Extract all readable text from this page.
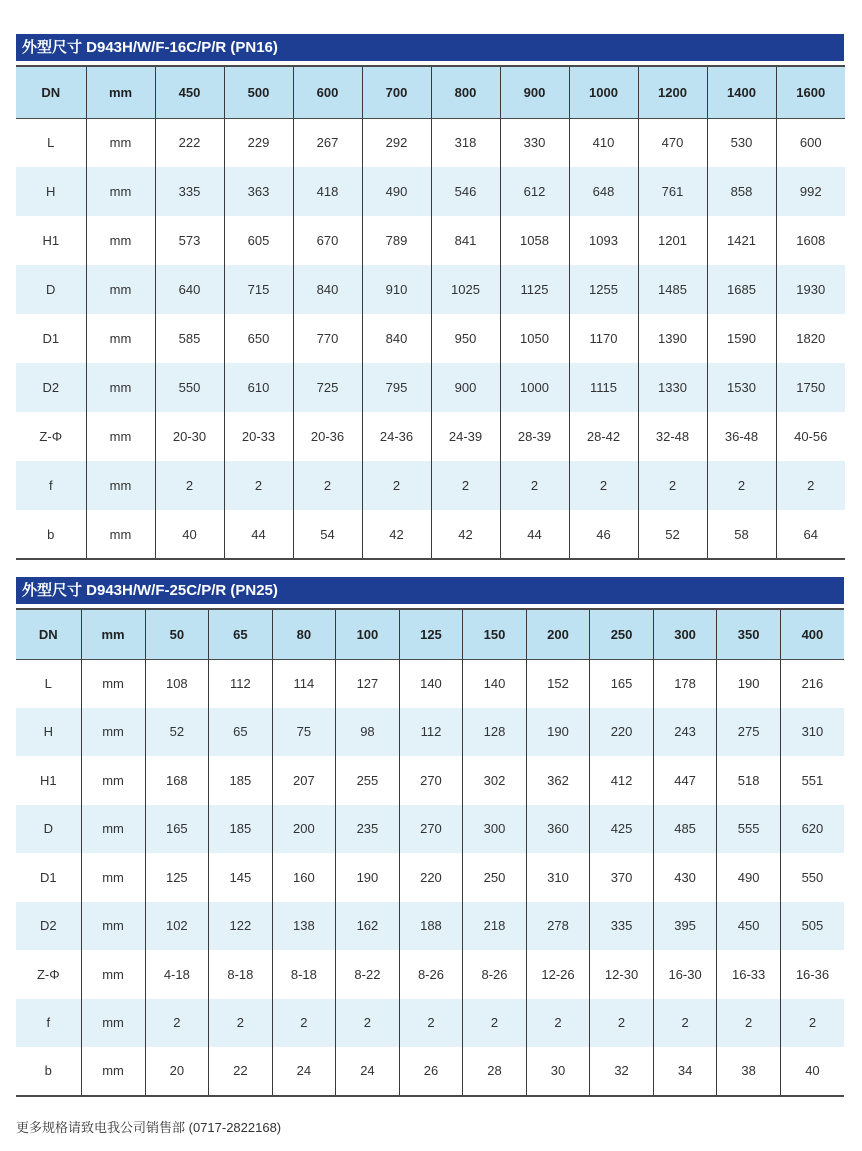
外型尺寸 D943H/W/F-16C/P/R (PN16)
DN	mm	450	500	600	700	800	900	1000	1200	1400	1600
L	mm	222	229	267	292	318	330	410	470	530	600
H	mm	335	363	418	490	546	612	648	761	858	992
H1	mm	573	605	670	789	841	1058	1093	1201	1421	1608
D	mm	640	715	840	910	1025	1125	1255	1485	1685	1930
D1	mm	585	650	770	840	950	1050	1170	1390	1590	1820
D2	mm	550	610	725	795	900	1000	1115	1330	1530	1750
Z-Φ	mm	20-30	20-33	20-36	24-36	24-39	28-39	28-42	32-48	36-48	40-56
f	mm	2	2	2	2	2	2	2	2	2	2
b	mm	40	44	54	42	42	44	46	52	58	64
外型尺寸 D943H/W/F-25C/P/R (PN25)
DN	mm	50	65	80	100	125	150	200	250	300	350	400
L	mm	108	112	114	127	140	140	152	165	178	190	216
H	mm	52	65	75	98	112	128	190	220	243	275	310
H1	mm	168	185	207	255	270	302	362	412	447	518	551
D	mm	165	185	200	235	270	300	360	425	485	555	620
D1	mm	125	145	160	190	220	250	310	370	430	490	550
D2	mm	102	122	138	162	188	218	278	335	395	450	505
Z-Φ	mm	4-18	8-18	8-18	8-22	8-26	8-26	12-26	12-30	16-30	16-33	16-36
f	mm	2	2	2	2	2	2	2	2	2	2	2
b	mm	20	22	24	24	26	28	30	32	34	38	40
更多规格请致电我公司销售部 (0717-2822168)
